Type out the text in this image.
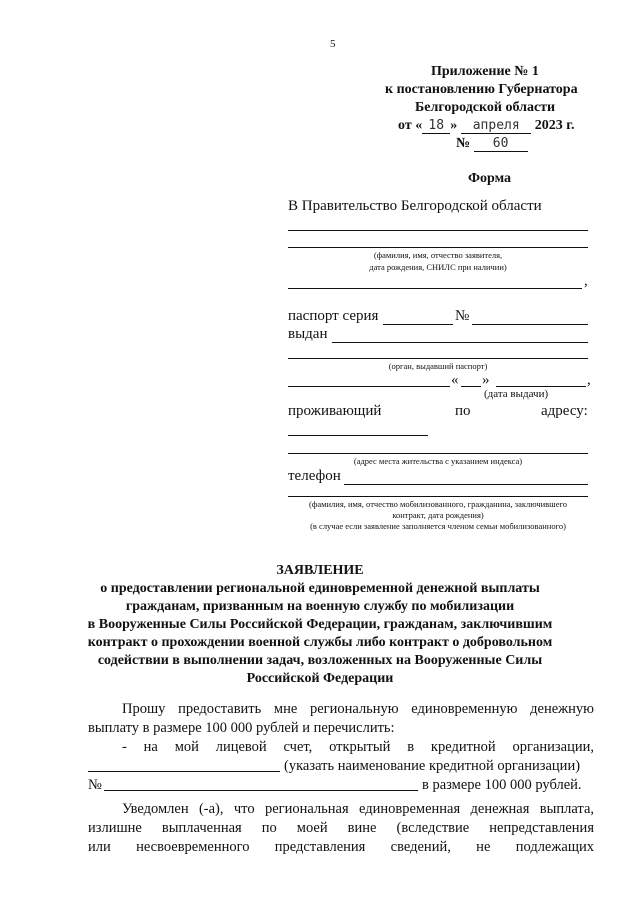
5
Приложение № 1
к постановлению Губернатора
Белгородской области
от « 18 » апреля 2023 г.
№ 60
Форма
В Правительство Белгородской области
(фамилия, имя, отчество заявителя,
дата рождения, СНИЛС при наличии)
,
паспорт серия	№
выдан
(орган, выдавший паспорт)
« »	,
(дата выдачи)
проживающий	по	адресу:
(адрес места жительства с указанием индекса)
телефон
(фамилия, имя, отчество мобилизованного, гражданина, заключившего
контракт, дата рождения)
(в случае если заявление заполняется членом семьи мобилизованного)
ЗАЯВЛЕНИЕ
о предоставлении региональной единовременной денежной выплаты
гражданам, призванным на военную службу по мобилизации
в Вооруженные Силы Российской Федерации, гражданам, заключившим
контракт о прохождении военной службы либо контракт о добровольном
содействии в выполнении задач, возложенных на Вооруженные Силы
Российской Федерации
Прошу предоставить мне региональную единовременную денежную
выплату в размере 100 000 рублей и перечислить:
- на мой лицевой счет, открытый в кредитной организации,
(указать наименование кредитной организации)
№	в размере 100 000 рублей.
Уведомлен (-а), что региональная единовременная денежная выплата,
излишне выплаченная по моей вине (вследствие непредставления
или несвоевременного представления сведений, не подлежащих
